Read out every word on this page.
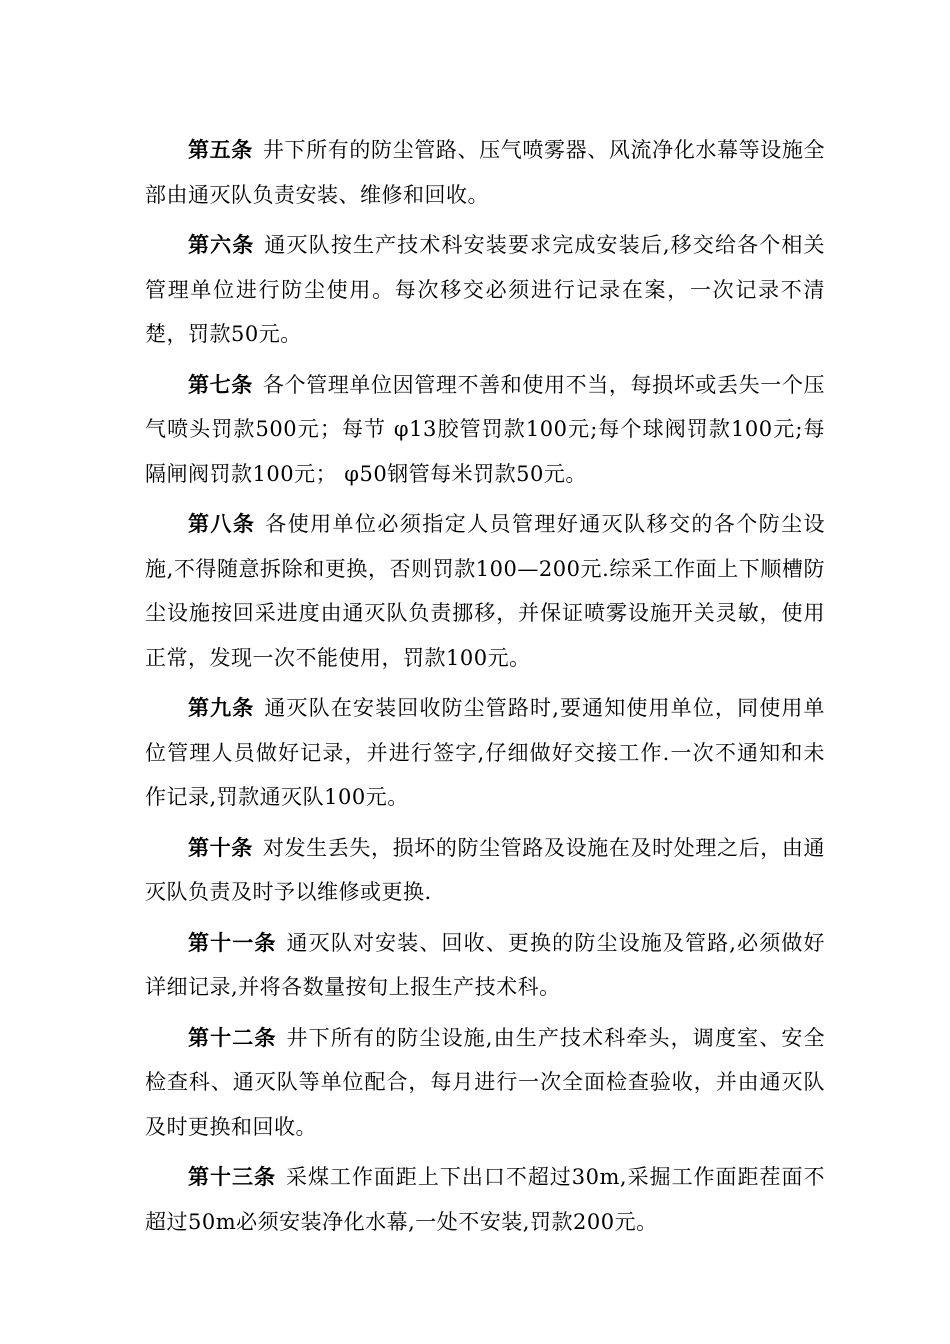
第五条 井下所有的防尘管路、压气喷雾器、风流净化水幕等设施全部由通灭队负责安装、维修和回收。

第六条 通灭队按生产技术科安装要求完成安装后,移交给各个相关管理单位进行防尘使用。每次移交必须进行记录在案，一次记录不清楚，罚款50元。

第七条 各个管理单位因管理不善和使用不当，每损坏或丢失一个压气喷头罚款500元；每节 φ13胶管罚款100元;每个球阀罚款100元;每隔闸阀罚款100元； φ50钢管每米罚款50元。

第八条 各使用单位必须指定人员管理好通灭队移交的各个防尘设施,不得随意拆除和更换，否则罚款100—200元.综采工作面上下顺槽防尘设施按回采进度由通灭队负责挪移，并保证喷雾设施开关灵敏，使用正常，发现一次不能使用，罚款100元。

第九条 通灭队在安装回收防尘管路时,要通知使用单位，同使用单位管理人员做好记录，并进行签字,仔细做好交接工作.一次不通知和未作记录,罚款通灭队100元。

第十条 对发生丢失，损坏的防尘管路及设施在及时处理之后，由通灭队负责及时予以维修或更换.

第十一条 通灭队对安装、回收、更换的防尘设施及管路,必须做好详细记录,并将各数量按旬上报生产技术科。

第十二条 井下所有的防尘设施,由生产技术科牵头，调度室、安全检查科、通灭队等单位配合，每月进行一次全面检查验收，并由通灭队及时更换和回收。

第十三条 采煤工作面距上下出口不超过30m,采掘工作面距茬面不超过50m必须安装净化水幕,一处不安装,罚款200元。
